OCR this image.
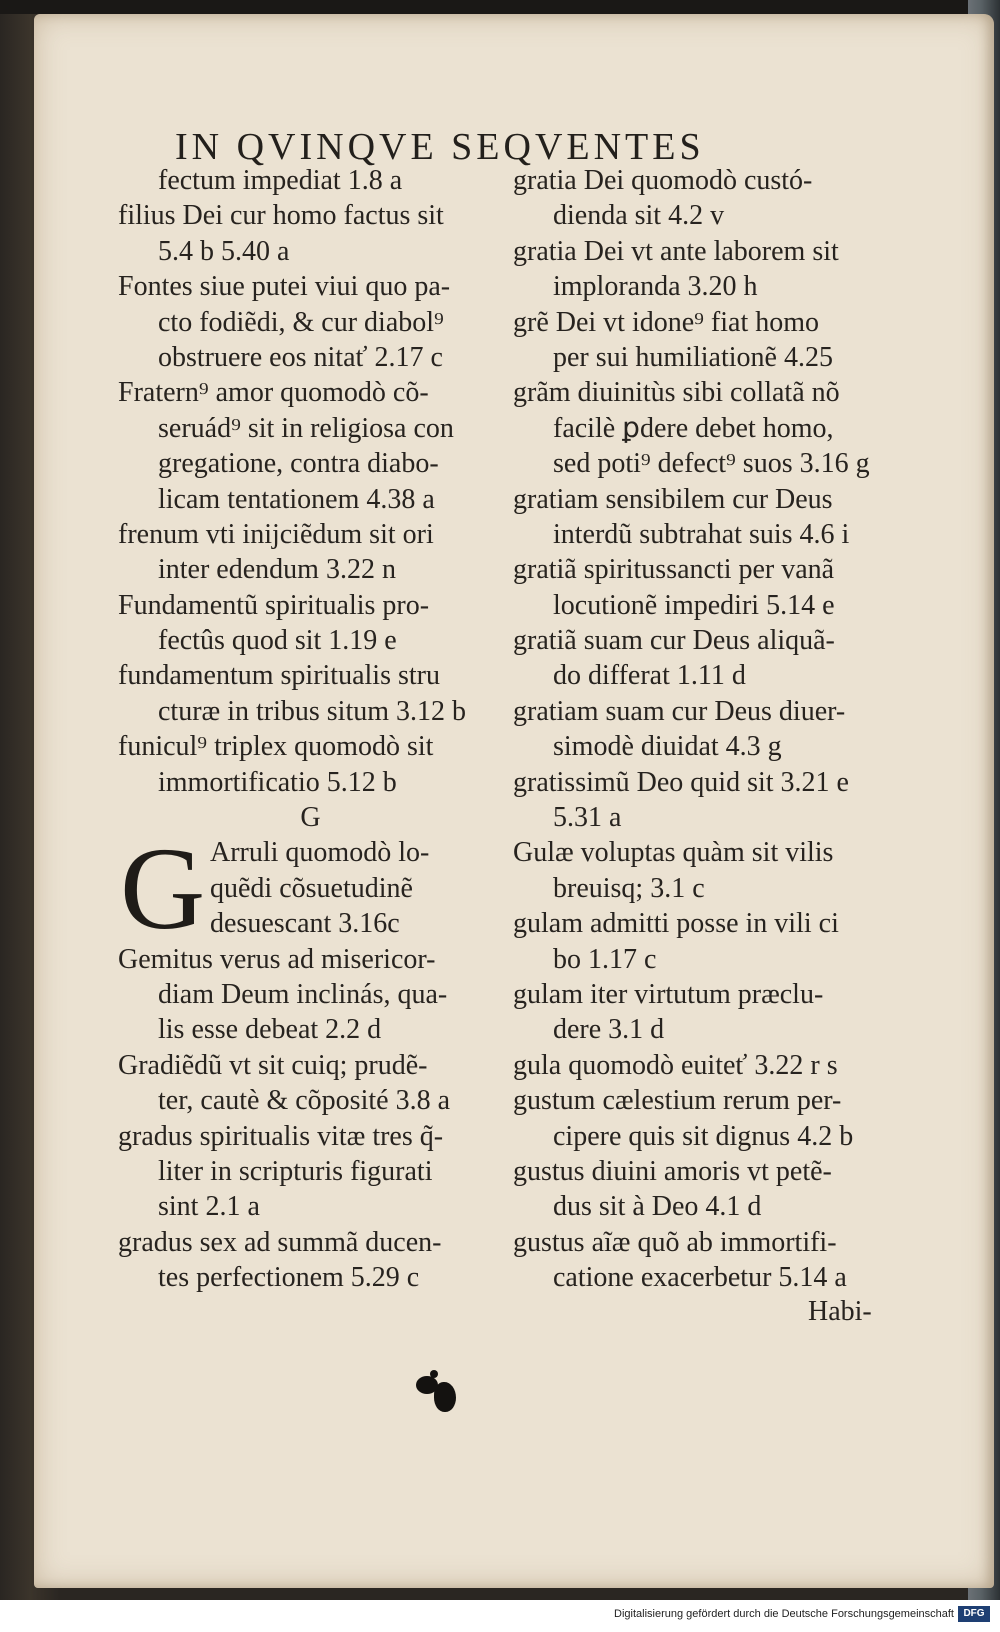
IN QVINQVE SEQVENTES
fectum impediat 1.8 a
filius Dei cur homo factus sit
5.4 b 5.40 a
Fontes siue putei viui quo pa-
cto fodiẽdi, & cur diabol⁹
obstruere eos nitať 2.17 c
Fratern⁹ amor quomodò cõ-
seruád⁹ sit in religiosa con
gregatione, contra diabo-
licam tentationem 4.38 a
frenum vti inijciẽdum sit ori
inter edendum 3.22 n
Fundamentũ spiritualis pro-
fectûs quod sit 1.19 e
fundamentum spiritualis stru
cturæ in tribus situm 3.12 b
funicul⁹ triplex quomodò sit
immortificatio 5.12 b
G
G Arruli quomodò lo-
quẽdi cõsuetudinẽ
desuescant 3.16c
Gemitus verus ad misericor-
diam Deum inclinás, qua-
lis esse debeat 2.2 d
Gradiẽdũ vt sit cuiq; prudẽ-
ter, cautè & cõposité 3.8 a
gradus spiritualis vitæ tres q̃-
liter in scripturis figurati
sint 2.1 a
gradus sex ad summã ducen-
tes perfectionem 5.29 c
gratia Dei quomodò custó-
dienda sit 4.2 v
gratia Dei vt ante laborem sit
imploranda 3.20 h
grẽ Dei vt idone⁹ fiat homo
per sui humiliationẽ 4.25
grãm diuinitùs sibi collatã nõ
facilè ꝑdere debet homo,
sed poti⁹ defect⁹ suos 3.16 g
gratiam sensibilem cur Deus
interdũ subtrahat suis 4.6 i
gratiã spiritussancti per vanã
locutionẽ impediri 5.14 e
gratiã suam cur Deus aliquã-
do differat 1.11 d
gratiam suam cur Deus diuer-
simodè diuidat 4.3 g
gratissimũ Deo quid sit 3.21 e
5.31 a
Gulæ voluptas quàm sit vilis
breuisq; 3.1 c
gulam admitti posse in vili ci
bo 1.17 c
gulam iter virtutum præclu-
dere 3.1 d
gula quomodò euiteť 3.22 r s
gustum cælestium rerum per-
cipere quis sit dignus 4.2 b
gustus diuini amoris vt petẽ-
dus sit à Deo 4.1 d
gustus aĩæ quõ ab immortifi-
catione exacerbetur 5.14 a
Habi-
Digitalisierung gefördert durch die Deutsche Forschungsgemeinschaft DFG
